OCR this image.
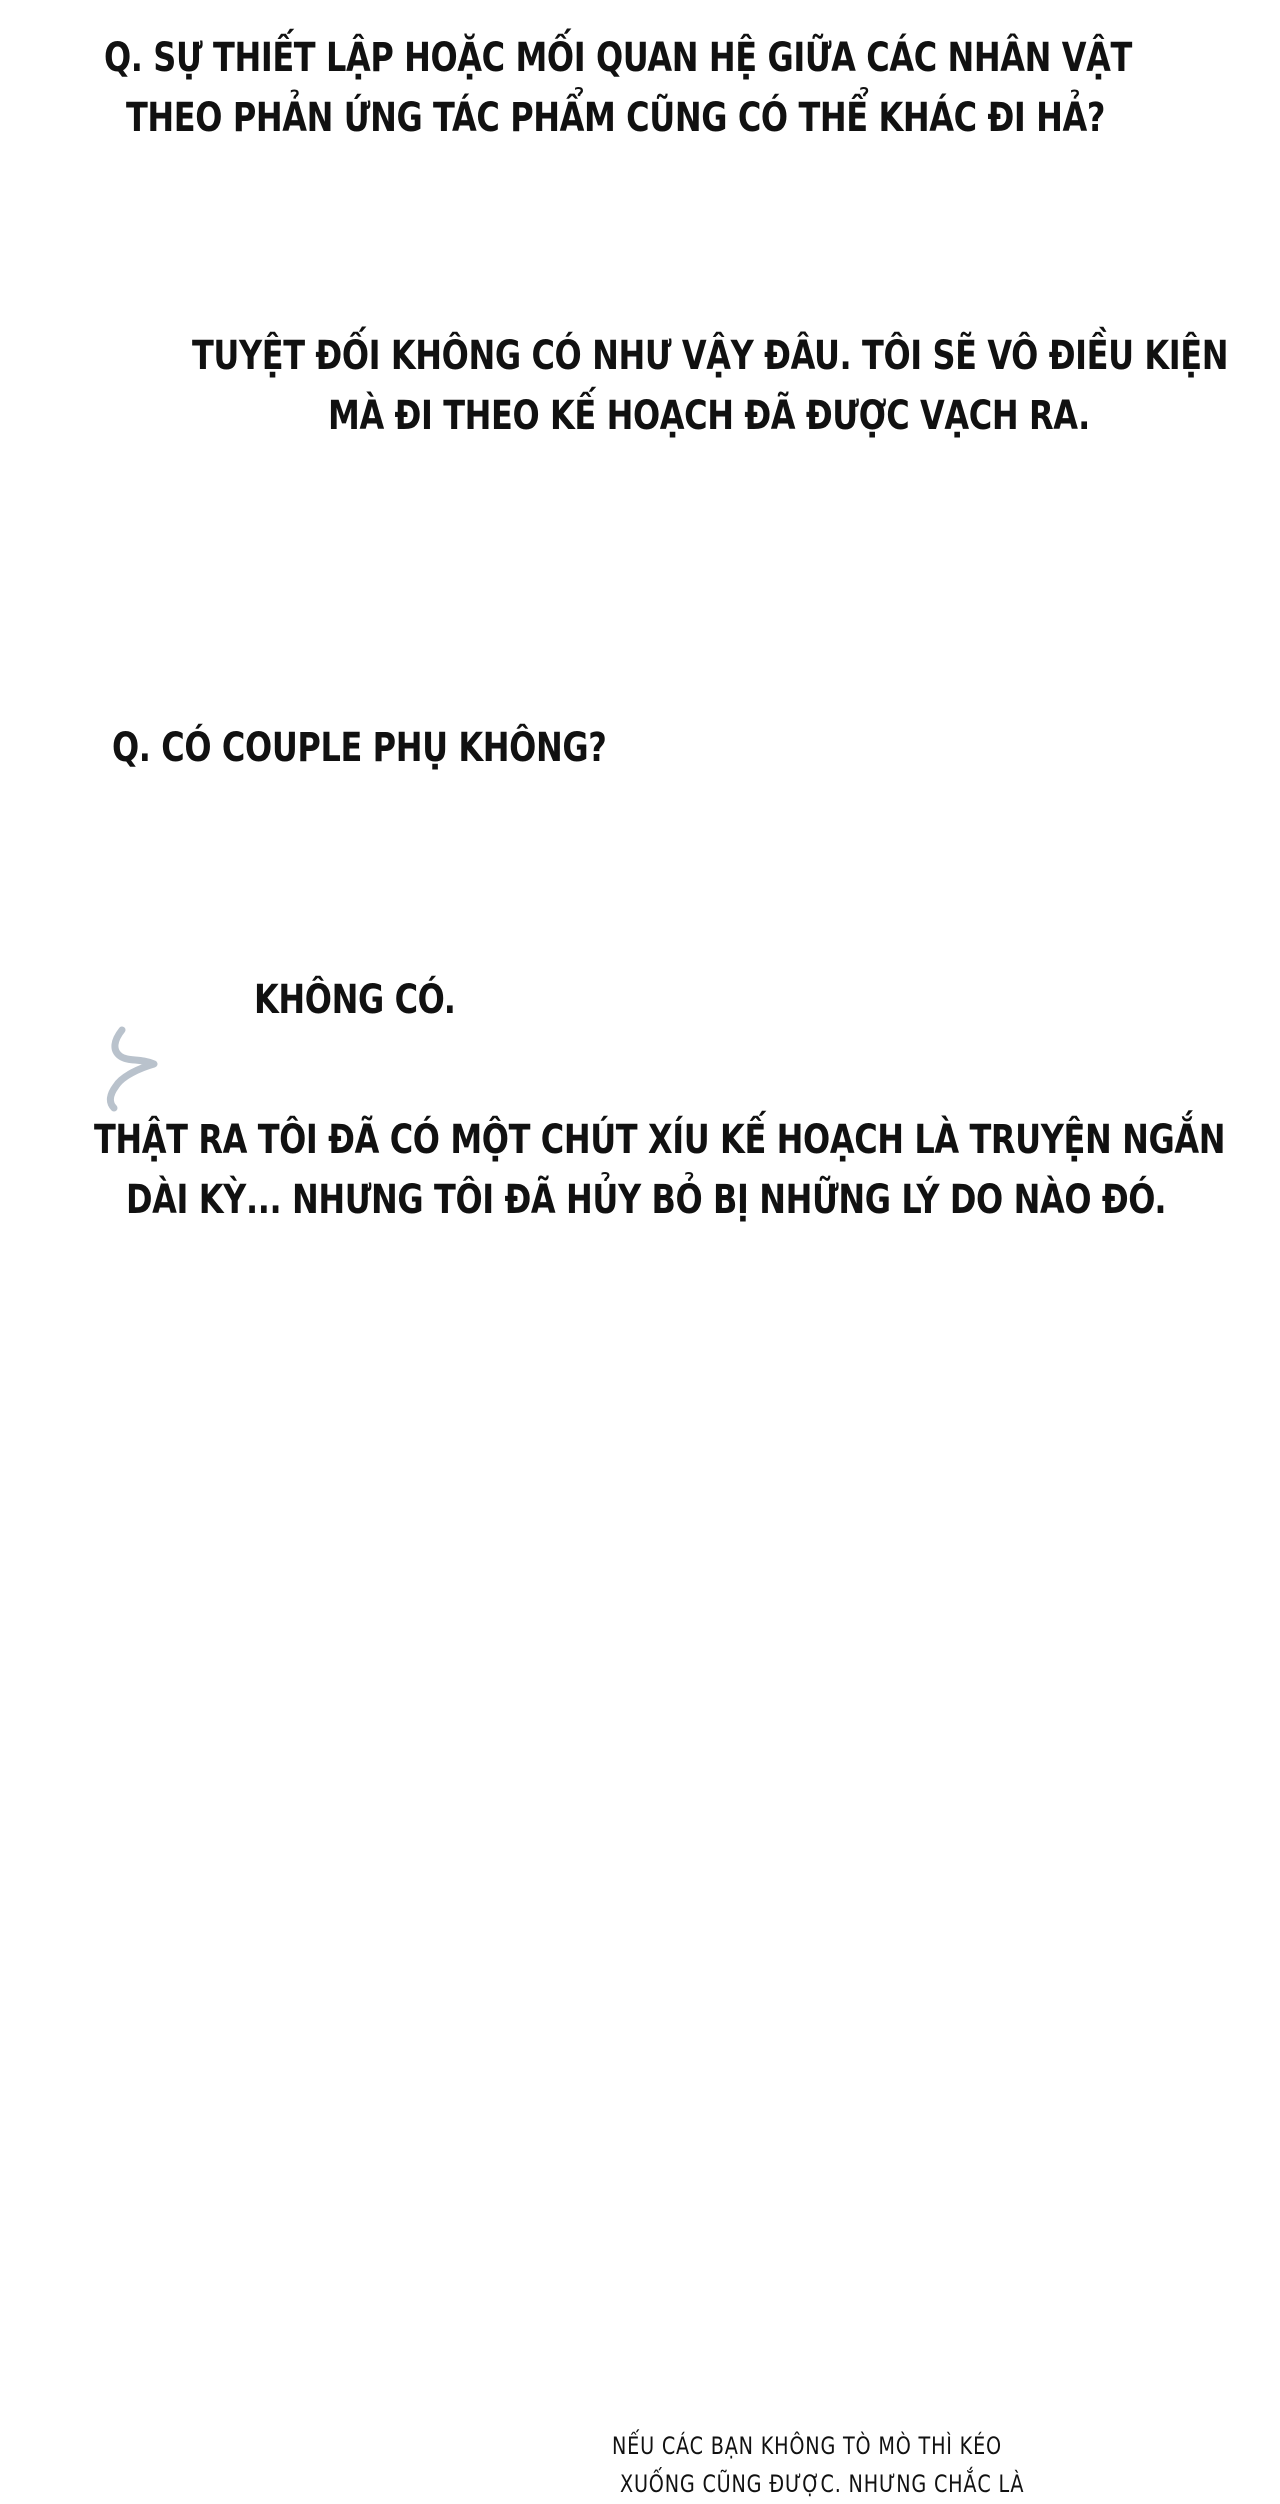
Q. SỰ THIẾT LẬP HOẶC MỐI QUAN HỆ GIỮA CÁC NHÂN VẬT
THEO PHẢN ỨNG TÁC PHẨM CŨNG CÓ THỂ KHÁC ĐI HẢ?
TUYỆT ĐỐI KHÔNG CÓ NHƯ VẬY ĐÂU. TÔI SẼ VÔ ĐIỀU KIỆN
MÀ ĐI THEO KẾ HOẠCH ĐÃ ĐƯỢC VẠCH RA.
Q. CÓ COUPLE PHỤ KHÔNG?
KHÔNG CÓ.
THẬT RA TÔI ĐÃ CÓ MỘT CHÚT XÍU KẾ HOẠCH LÀ TRUYỆN NGẮN
DÀI KỲ... NHƯNG TÔI ĐÃ HỦY BỎ BỊ NHỮNG LÝ DO NÀO ĐÓ.
NẾU CÁC BẠN KHÔNG TÒ MÒ THÌ KÉO
XUỐNG CŨNG ĐƯỢC. NHƯNG CHẮC LÀ
